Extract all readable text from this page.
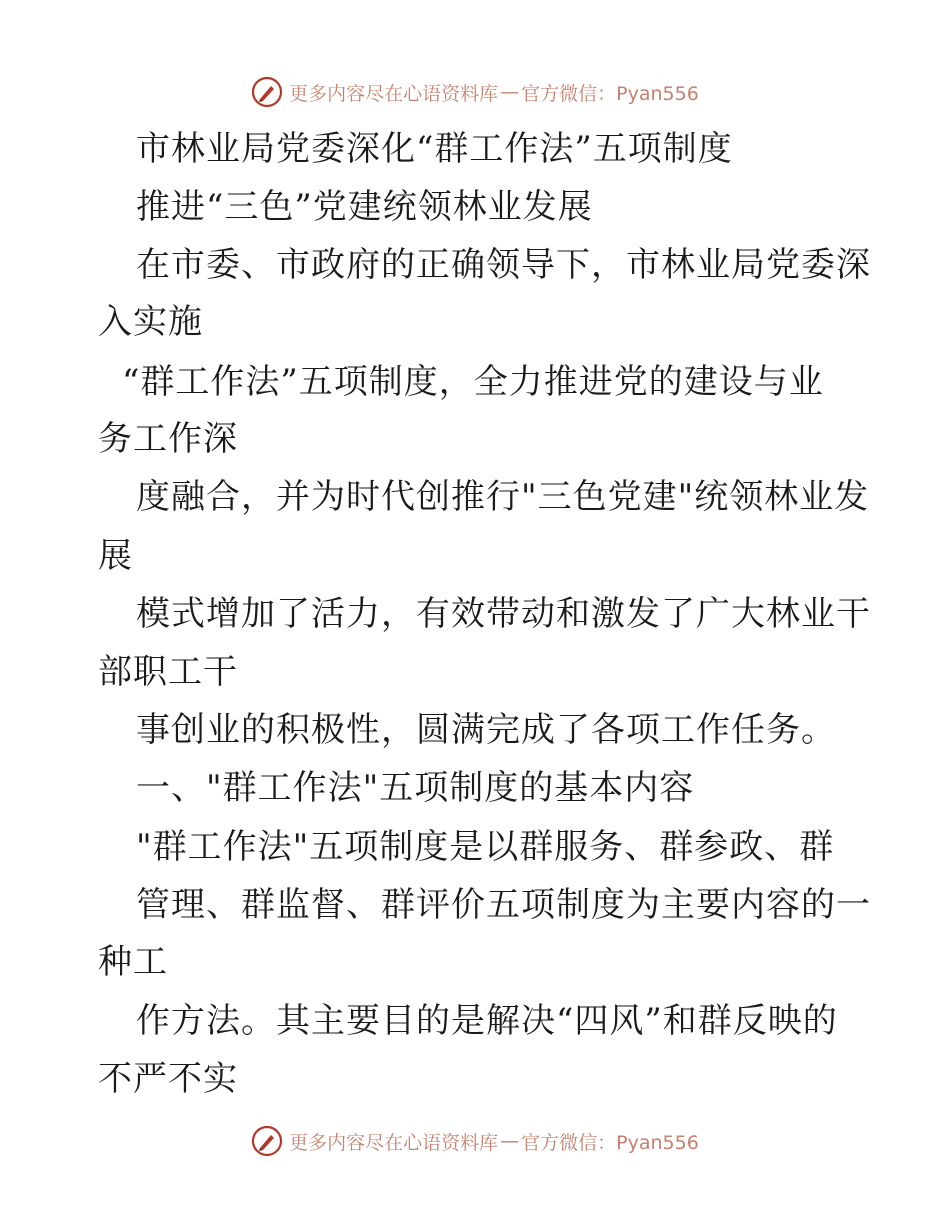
更多内容尽在心语资料库 — 官方微信：Pyan556
市林业局党委深化“群工作法”五项制度
推进“三色”党建统领林业发展
在市委、市政府的正确领导下，市林业局党委深
入实施
“群工作法”五项制度，全力推进党的建设与业
务工作深
度融合，并为时代创推行"三色党建"统领林业发
展
模式增加了活力，有效带动和激发了广大林业干
部职工干
事创业的积极性，圆满完成了各项工作任务。
一、"群工作法"五项制度的基本内容
"群工作法"五项制度是以群服务、群参政、群
管理、群监督、群评价五项制度为主要内容的一
种工
作方法。其主要目的是解决“四风”和群反映的
不严不实
更多内容尽在心语资料库 — 官方微信：Pyan556
